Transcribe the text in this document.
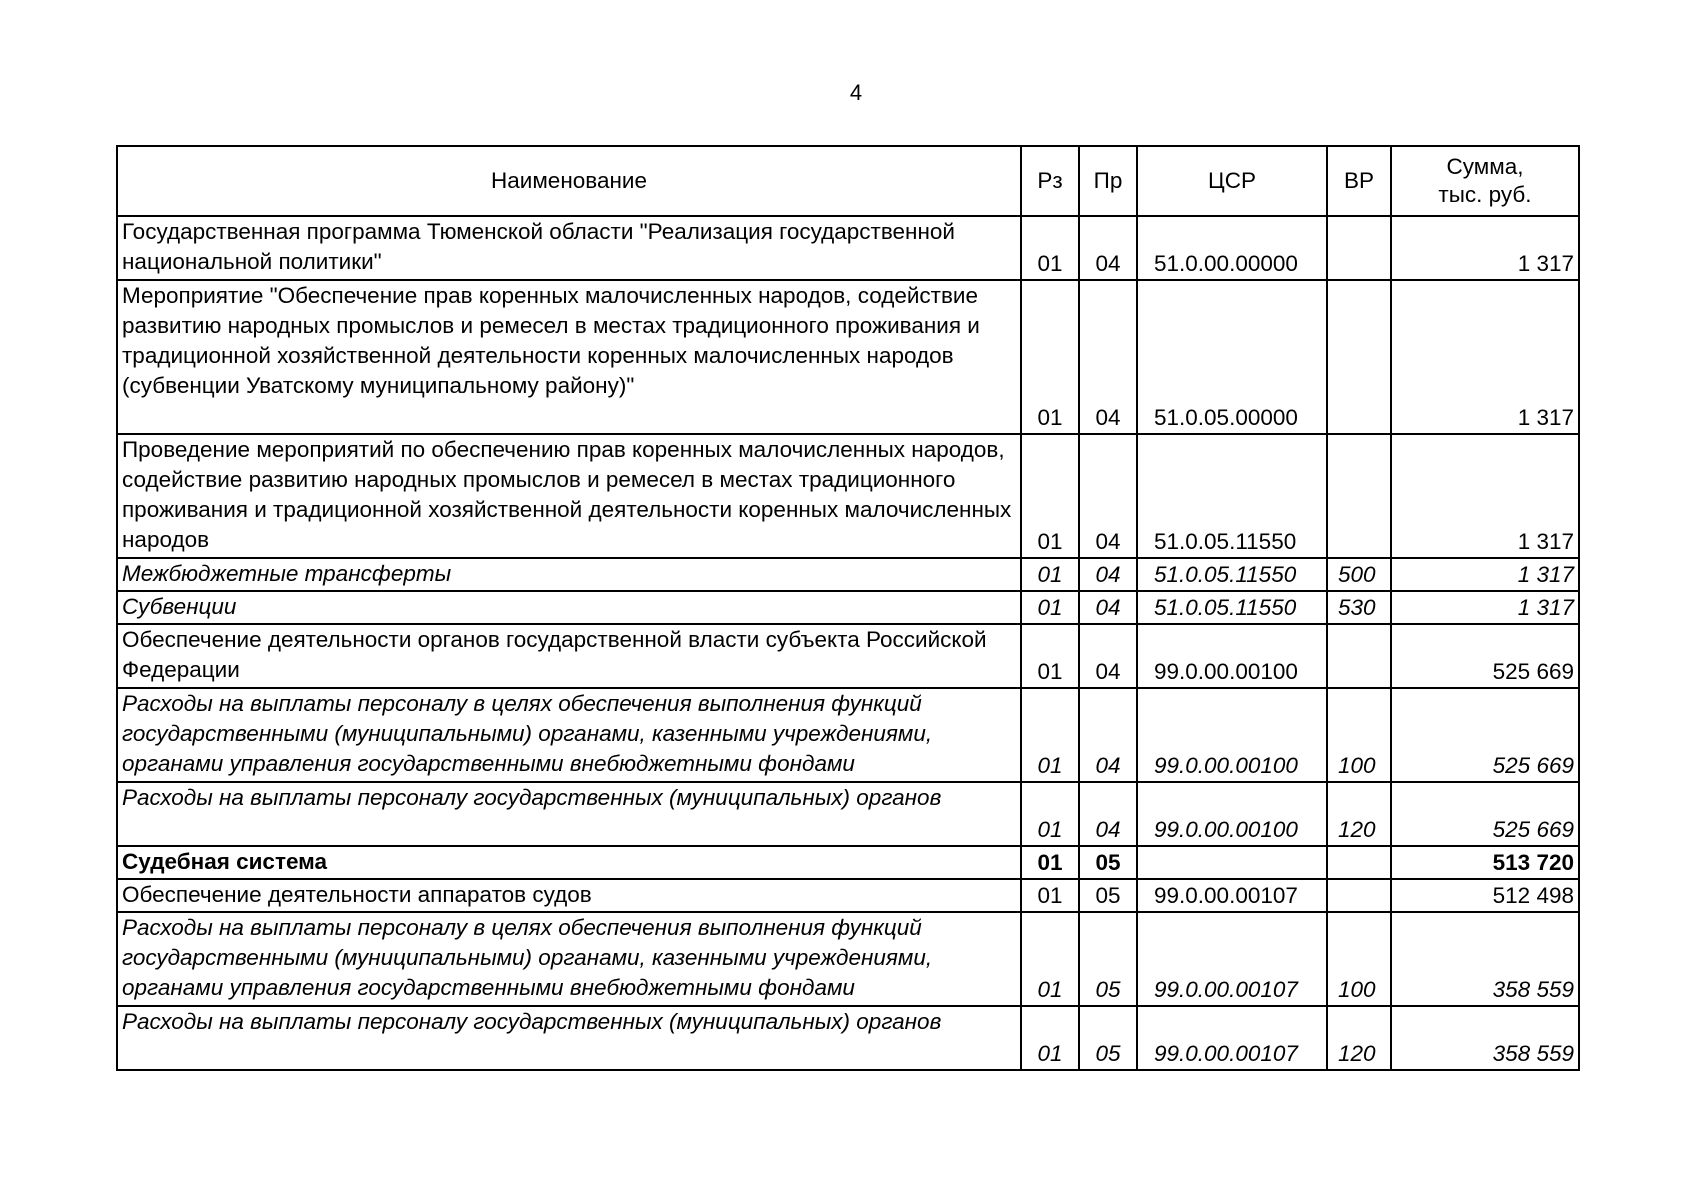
4
Наименование	Рз	Пр	ЦСР	ВР	Сумма,
тыс. руб.
Государственная программа Тюменской области "Реализация государственной национальной политики"	01	04	51.0.00.00000		1 317
Мероприятие "Обеспечение прав коренных малочисленных народов, содействие развитию народных промыслов и ремесел в местах традиционного проживания и традиционной хозяйственной деятельности коренных малочисленных народов (субвенции Уватскому муниципальному району)"	01	04	51.0.05.00000		1 317
Проведение мероприятий по обеспечению прав коренных малочисленных народов, содействие развитию народных промыслов и ремесел в местах традиционного проживания и традиционной хозяйственной деятельности коренных малочисленных народов	01	04	51.0.05.11550		1 317
Межбюджетные трансферты	01	04	51.0.05.11550	500	1 317
Субвенции	01	04	51.0.05.11550	530	1 317
Обеспечение деятельности органов государственной власти субъекта Российской Федерации	01	04	99.0.00.00100		525 669
Расходы на выплаты персоналу в целях обеспечения выполнения функций государственными (муниципальными) органами, казенными учреждениями, органами управления государственными внебюджетными фондами	01	04	99.0.00.00100	100	525 669
Расходы на выплаты персоналу государственных (муниципальных) органов	01	04	99.0.00.00100	120	525 669
Судебная система	01	05			513 720
Обеспечение деятельности аппаратов судов	01	05	99.0.00.00107		512 498
Расходы на выплаты персоналу в целях обеспечения выполнения функций государственными (муниципальными) органами, казенными учреждениями, органами управления государственными внебюджетными фондами	01	05	99.0.00.00107	100	358 559
Расходы на выплаты персоналу государственных (муниципальных) органов	01	05	99.0.00.00107	120	358 559
